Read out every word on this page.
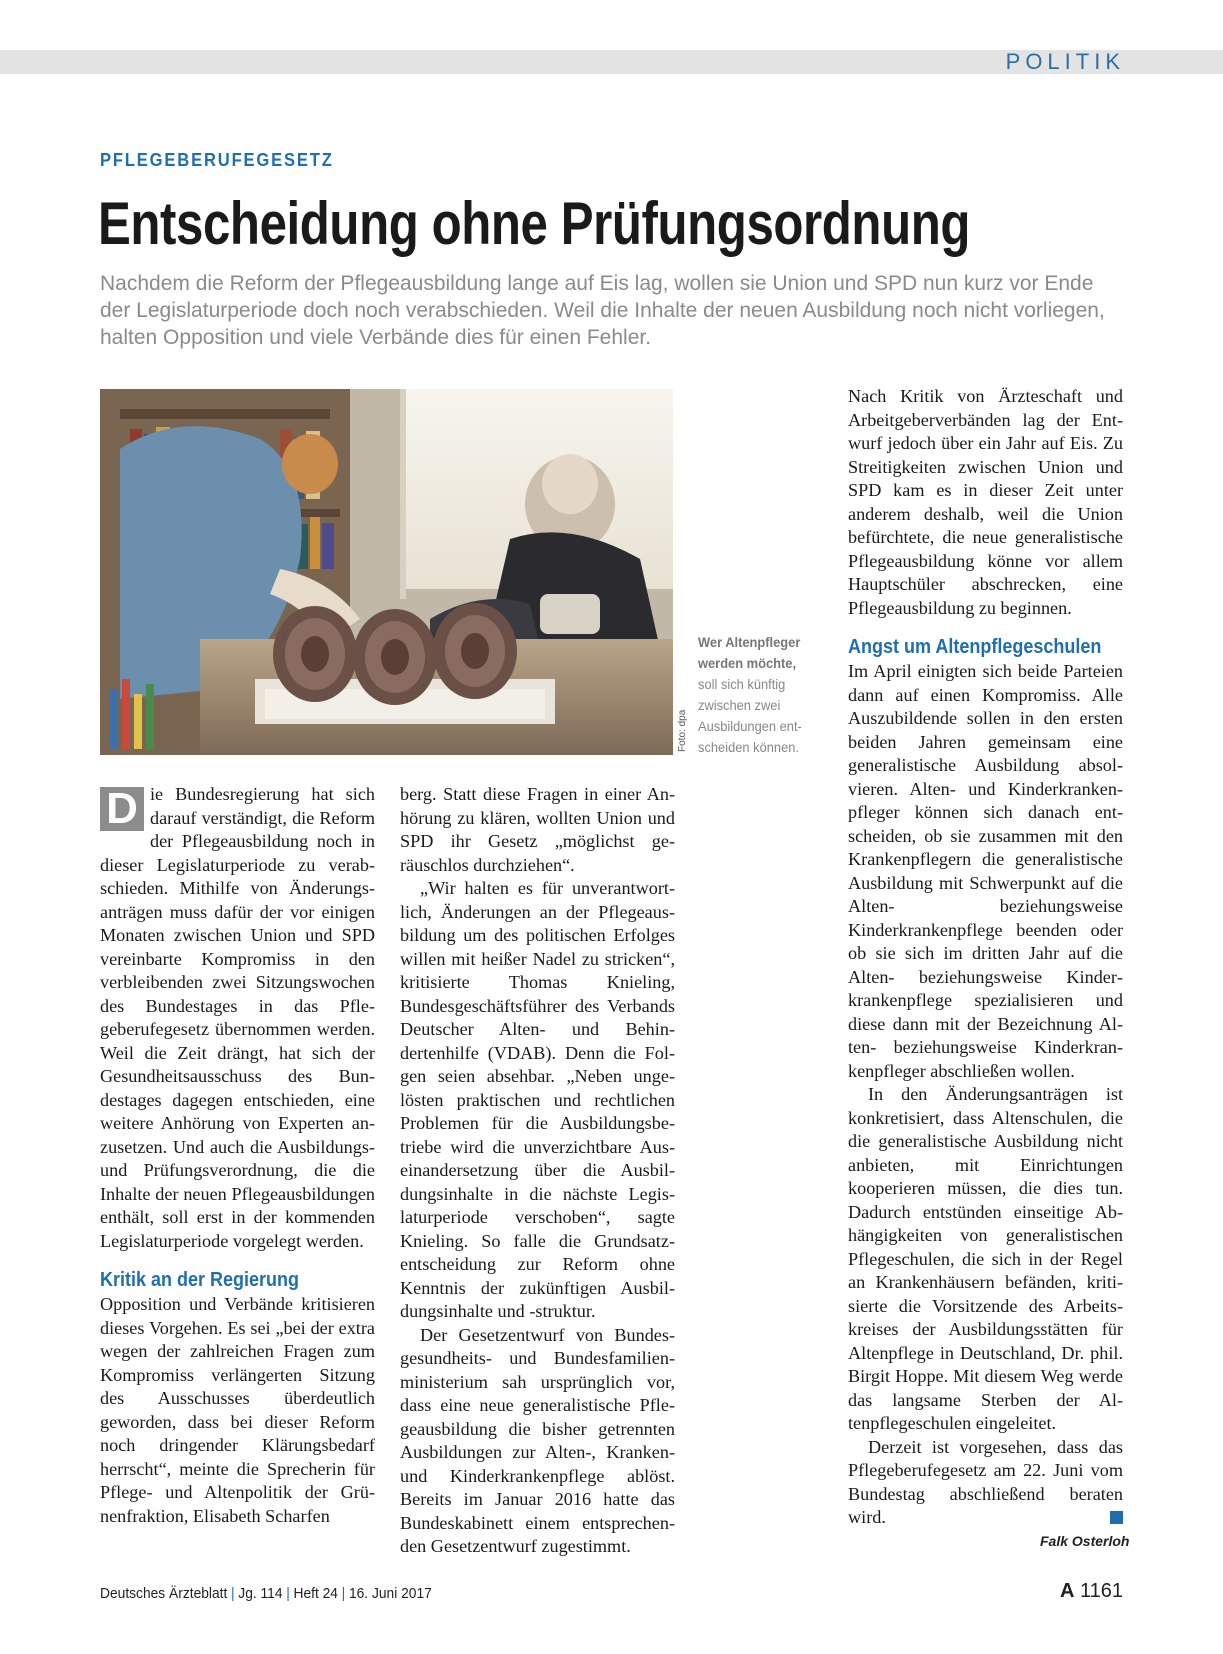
POLITIK
PFLEGEBERUFEGESETZ
Entscheidung ohne Prüfungsordnung
Nachdem die Reform der Pflegeausbildung lange auf Eis lag, wollen sie Union und SPD nun kurz vor Ende der Legislaturperiode doch noch verabschieden. Weil die Inhalte der neuen Ausbildung noch nicht vorliegen, halten Opposition und viele Verbände dies für einen Fehler.
Foto: dpa
Wer Altenpfleger werden möchte,
soll sich künftig zwischen zwei Ausbildungen entscheiden können.

D ie Bundesregierung hat sich darauf verständigt, die Reform der Pflegeausbildung noch in dieser Legislaturperiode zu verabschieden. Mithilfe von Änderungsanträgen muss dafür der vor einigen Monaten zwischen Union und SPD vereinbarte Kompromiss in den verbleibenden zwei Sitzungswochen des Bundestages in das Pflegeberufegesetz übernommen werden. Weil die Zeit drängt, hat sich der Gesundheitsausschuss des Bundestages dagegen entschieden, eine weitere Anhörung von Experten anzusetzen. Und auch die Ausbildungs- und Prüfungsverordnung, die die Inhalte der neuen Pflegeausbildungen enthält, soll erst in der kommenden Legislaturperiode vorgelegt werden.

Kritik an der Regierung

Opposition und Verbände kritisieren dieses Vorgehen. Es sei „bei der extra wegen der zahlreichen Fragen zum Kompromiss verlängerten Sitzung des Ausschusses überdeutlich geworden, dass bei dieser Reform noch dringender Klärungsbedarf herrscht“, meinte die Sprecherin für Pflege- und Altenpolitik der Grünenfraktion, Elisabeth Scharfen

berg. Statt diese Fragen in einer Anhörung zu klären, wollten Union und SPD ihr Gesetz „möglichst geräuschlos durchziehen“.

„Wir halten es für unverantwortlich, Änderungen an der Pflegeausbildung um des politischen Erfolges willen mit heißer Nadel zu stricken“, kritisierte Thomas Knieling, Bundesgeschäftsführer des Verbands Deutscher Alten- und Behindertenhilfe (VDAB). Denn die Folgen seien absehbar. „Neben ungelösten praktischen und rechtlichen Problemen für die Ausbildungsbetriebe wird die unverzichtbare Auseinandersetzung über die Ausbildungsinhalte in die nächste Legislaturperiode verschoben“, sagte Knieling. So falle die Grundsatzentscheidung zur Reform ohne Kenntnis der zukünftigen Ausbildungsinhalte und -struktur.

Der Gesetzentwurf von Bundesgesundheits- und Bundesfamilienministerium sah ursprünglich vor, dass eine neue generalistische Pflegeausbildung die bisher getrennten Ausbildungen zur Alten-, Kranken- und Kinderkrankenpflege ablöst. Bereits im Januar 2016 hatte das Bundeskabinett einem entsprechenden Gesetzentwurf zugestimmt.

Nach Kritik von Ärzteschaft und Arbeitgeberverbänden lag der Entwurf jedoch über ein Jahr auf Eis. Zu Streitigkeiten zwischen Union und SPD kam es in dieser Zeit unter anderem deshalb, weil die Union befürchtete, die neue generalistische Pflegeausbildung könne vor allem Hauptschüler abschrecken, eine Pflegeausbildung zu beginnen.

Angst um Altenpflegeschulen

Im April einigten sich beide Parteien dann auf einen Kompromiss. Alle Auszubildende sollen in den ersten beiden Jahren gemeinsam eine generalistische Ausbildung absolvieren. Alten- und Kinderkrankenpfleger können sich danach entscheiden, ob sie zusammen mit den Krankenpflegern die generalistische Ausbildung mit Schwerpunkt auf die Alten- beziehungsweise Kinderkrankenpflege beenden oder ob sie sich im dritten Jahr auf die Alten- beziehungsweise Kinderkrankenpflege spezialisieren und diese dann mit der Bezeichnung Alten- beziehungsweise Kinderkrankenpfleger abschließen wollen.

In den Änderungsanträgen ist konkretisiert, dass Altenschulen, die die generalistische Ausbildung nicht anbieten, mit Einrichtungen kooperieren müssen, die dies tun. Dadurch entstünden einseitige Abhängigkeiten von generalistischen Pflegeschulen, die sich in der Regel an Krankenhäusern befänden, kritisierte die Vorsitzende des Arbeitskreises der Ausbildungsstätten für Altenpflege in Deutschland, Dr. phil. Birgit Hoppe. Mit diesem Weg werde das langsame Sterben der Altenpflegeschulen eingeleitet.

Derzeit ist vorgesehen, dass das Pflegeberufegesetz am 22. Juni vom Bundestag abschließend beraten wird.

Falk Osterloh
Deutsches Ärzteblatt | Jg. 114 | Heft 24 | 16. Juni 2017	A 1161
